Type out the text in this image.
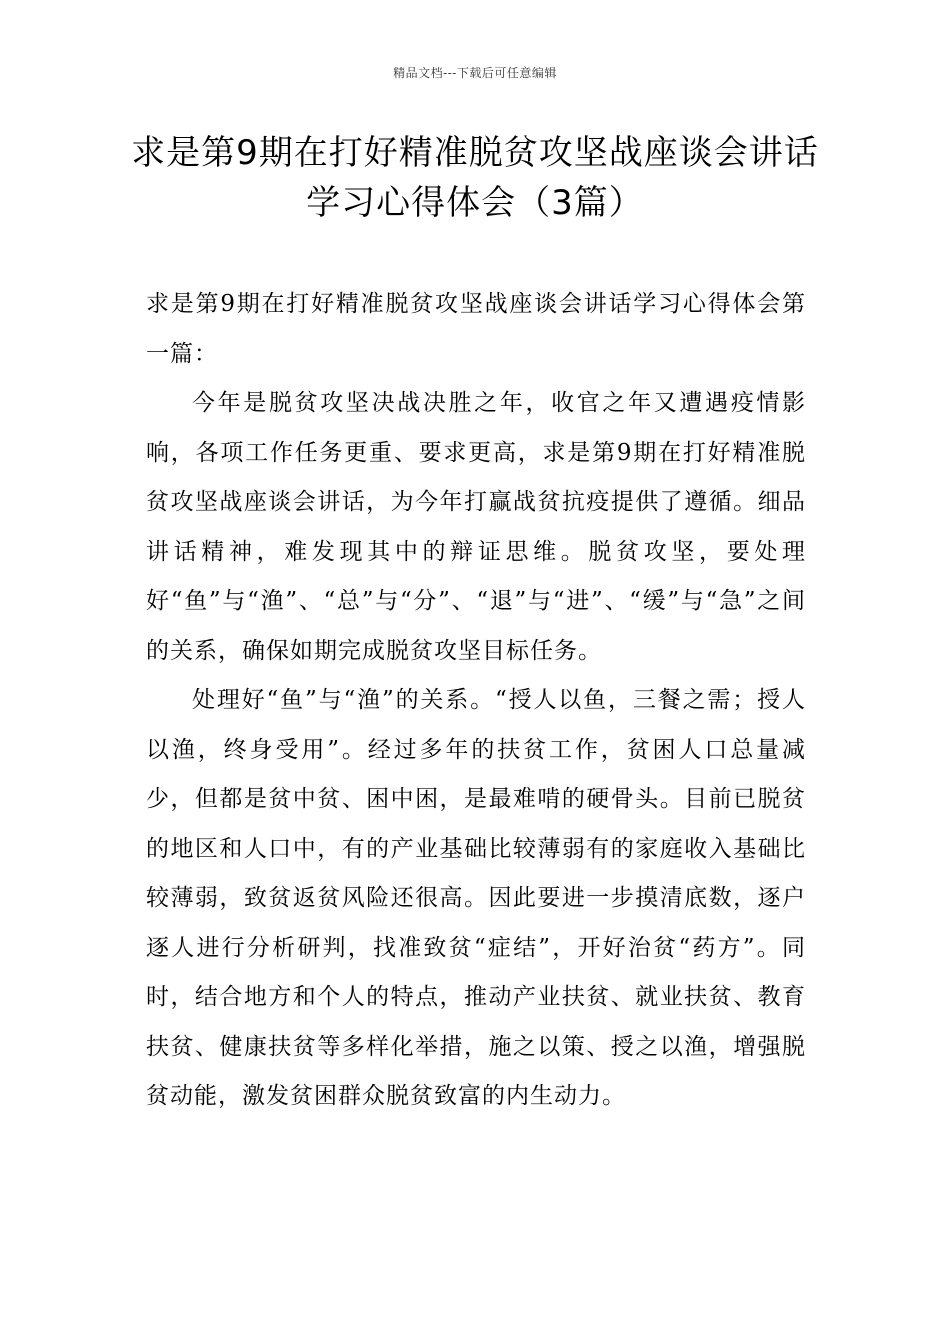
精品文档---下载后可任意编辑
求是第9期在打好精准脱贫攻坚战座谈会讲话学习心得体会（3篇）

求是第9期在打好精准脱贫攻坚战座谈会讲话学习心得体会第一篇：

今年是脱贫攻坚决战决胜之年，收官之年又遭遇疫情影响，各项工作任务更重、要求更高，求是第9期在打好精准脱贫攻坚战座谈会讲话，为今年打赢战贫抗疫提供了遵循。细品讲话精神，难发现其中的辩证思维。脱贫攻坚，要处理好“鱼”与“渔”、“总”与“分”、“退”与“进”、“缓”与“急”之间的关系，确保如期完成脱贫攻坚目标任务。

处理好“鱼”与“渔”的关系。“授人以鱼，三餐之需；授人以渔，终身受用”。经过多年的扶贫工作，贫困人口总量减少，但都是贫中贫、困中困，是最难啃的硬骨头。目前已脱贫的地区和人口中，有的产业基础比较薄弱有的家庭收入基础比较薄弱，致贫返贫风险还很高。因此要进一步摸清底数，逐户逐人进行分析研判，找准致贫“症结”，开好治贫“药方”。同时，结合地方和个人的特点，推动产业扶贫、就业扶贫、教育扶贫、健康扶贫等多样化举措，施之以策、授之以渔，增强脱贫动能，激发贫困群众脱贫致富的内生动力。
